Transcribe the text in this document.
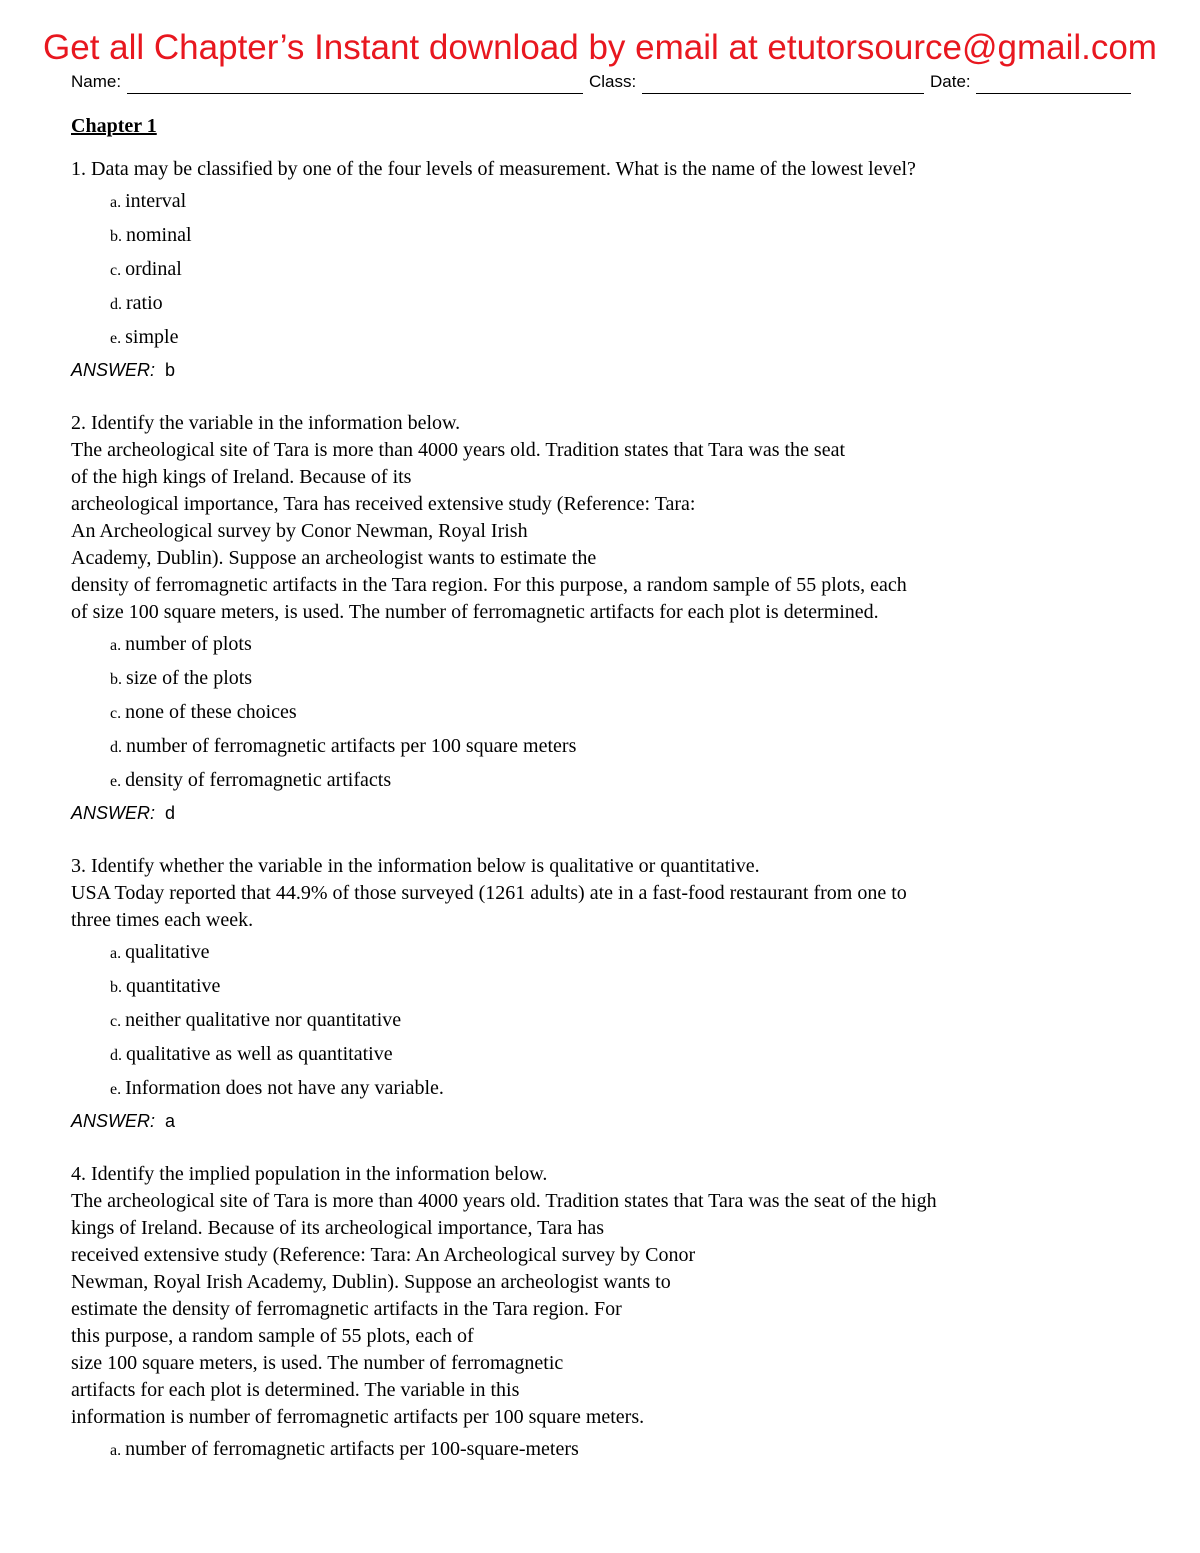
Get all Chapter’s Instant download by email at etutorsource@gmail.com
Name:	Class:	Date:
Chapter 1
1. Data may be classified by one of the four levels of measurement. What is the name of the lowest level?
a. interval
b. nominal
c. ordinal
d. ratio
e. simple
ANSWER: b
2. Identify the variable in the information below.
The archeological site of Tara is more than 4000 years old. Tradition states that Tara was the seat
of the high kings of Ireland. Because of its
archeological importance, Tara has received extensive study (Reference: Tara:
An Archeological survey by Conor Newman, Royal Irish
Academy, Dublin). Suppose an archeologist wants to estimate the
density of ferromagnetic artifacts in the Tara region. For this purpose, a random sample of 55 plots, each
of size 100 square meters, is used. The number of ferromagnetic artifacts for each plot is determined.
a. number of plots
b. size of the plots
c. none of these choices
d. number of ferromagnetic artifacts per 100 square meters
e. density of ferromagnetic artifacts
ANSWER: d
3. Identify whether the variable in the information below is qualitative or quantitative.
USA Today reported that 44.9% of those surveyed (1261 adults) ate in a fast-food restaurant from one to
three times each week.
a. qualitative
b. quantitative
c. neither qualitative nor quantitative
d. qualitative as well as quantitative
e. Information does not have any variable.
ANSWER: a
4. Identify the implied population in the information below.
The archeological site of Tara is more than 4000 years old. Tradition states that Tara was the seat of the high
kings of Ireland. Because of its archeological importance, Tara has
received extensive study (Reference: Tara: An Archeological survey by Conor
Newman, Royal Irish Academy, Dublin). Suppose an archeologist wants to
estimate the density of ferromagnetic artifacts in the Tara region. For
this purpose, a random sample of 55 plots, each of
size 100 square meters, is used. The number of ferromagnetic
artifacts for each plot is determined. The variable in this
information is number of ferromagnetic artifacts per 100 square meters.
a. number of ferromagnetic artifacts per 100-square-meters
